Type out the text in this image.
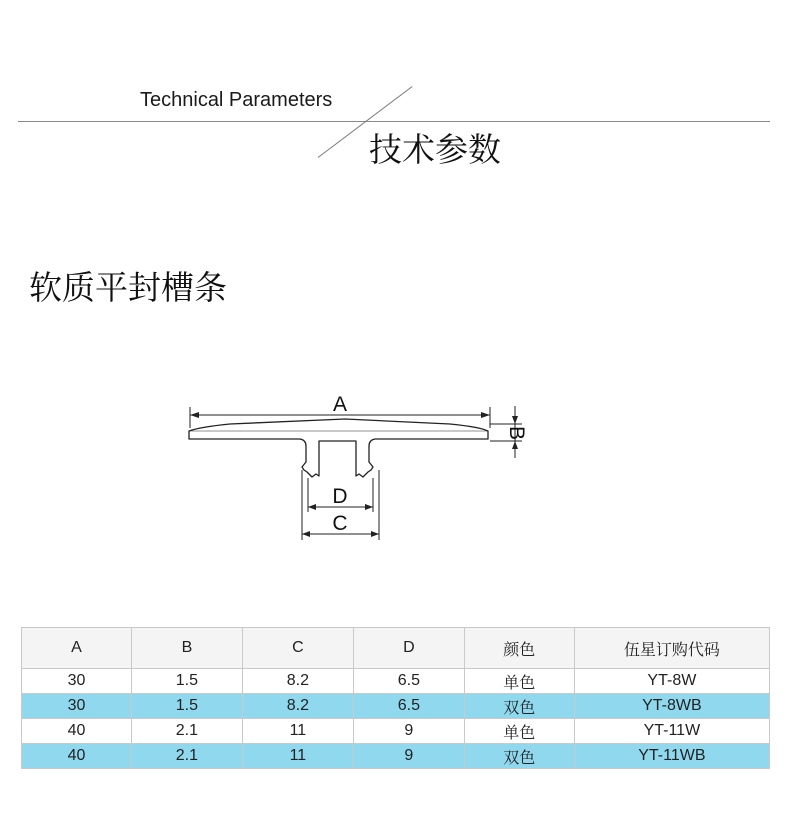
Technical Parameters
技术参数
软质平封槽条
A
B
D
C
A	B	C	D	颜色	伍星订购代码
30	1.5	8.2	6.5	单色	YT-8W
30	1.5	8.2	6.5	双色	YT-8WB
40	2.1	11	9	单色	YT-11W
40	2.1	11	9	双色	YT-11WB
